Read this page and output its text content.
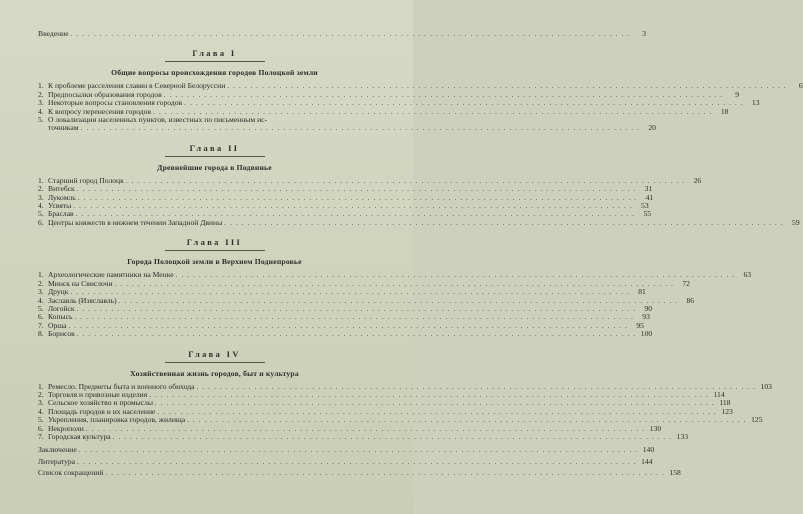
Введение . . .	3
Глава I
Общие вопросы происхождения городов Полоцкой земли
1. К проблеме расселения славян в Северной Белоруссии . . .	6
2. Предпосылки образования городов . . .	9
3. Некоторые вопросы становления городов . . .	13
4. К вопросу перенесения городов . . .	18
5. О локализации населенных пунктов, известных по письменным ис-
точникам . . .	20
Глава II
Древнейшие города в Подвинье
1. Старший город Полоцк . . .	26
2. Витебск . . .	31
3. Лукомль . . .	41
4. Усвяты . . .	53
5. Браслав . . .	55
6. Центры княжеств в нижнем течении Западной Двины . . .	59
Глава III
Города Полоцкой земли в Верхнем Поднепровье
1. Археологические памятники на Менке . . .	63
2. Минск на Свислочи . . .	72
3. Друцк . . .	81
4. Заславль (Изяславль) . . .	86
5. Логойск . . .	90
6. Копысь . . .	93
7. Орша . . .	95
8. Борисов . . .	100
Глава IV
Хозяйственная жизнь городов, быт и культура
1. Ремесло. Предметы быта и военного обихода . . .	103
2. Торговля и привозные изделия . . .	114
3. Сельское хозяйство и промыслы . . .	118
4. Площадь городов и их население . . .	123
5. Укрепления, планировка городов, жилища . . .	125
6. Некрополи . . .	130
7. Городская культура . . .	133
Заключение . . .	140
Литература . . .	144
Список сокращений . . .	158
